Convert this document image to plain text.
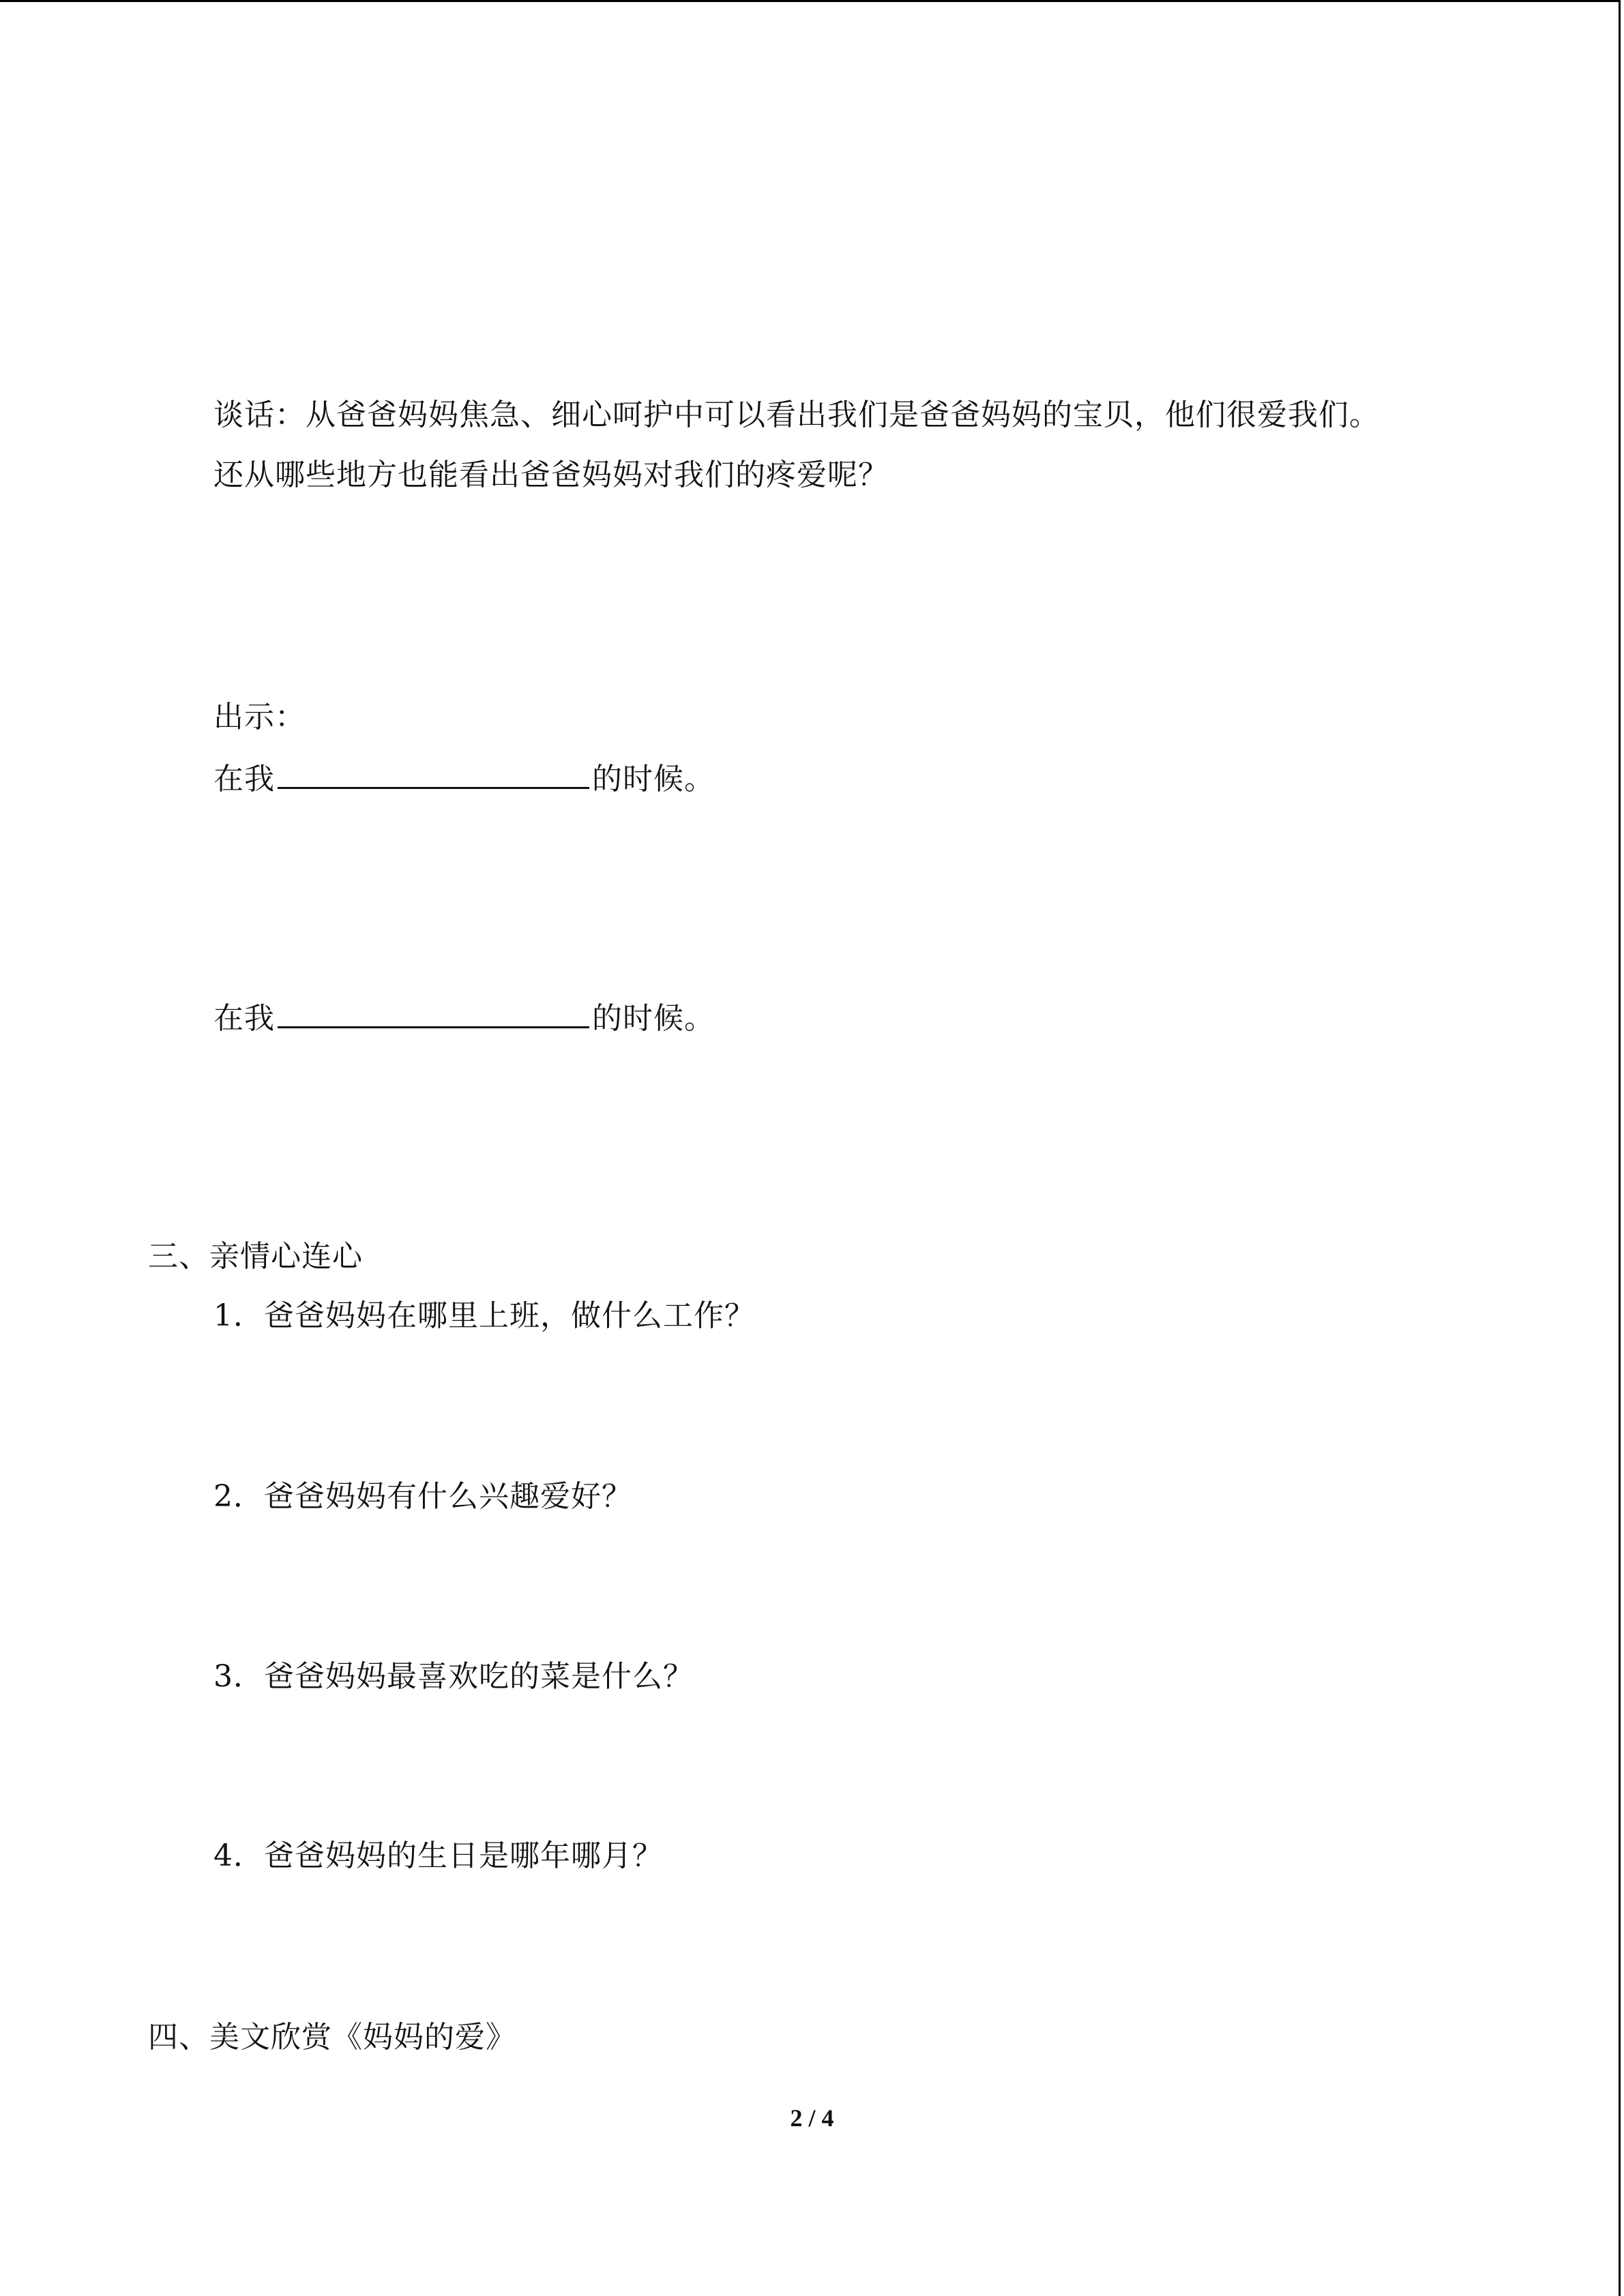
谈话：从爸爸妈妈焦急、细心呵护中可以看出我们是爸爸妈妈的宝贝，他们很爱我们。
还从哪些地方也能看出爸爸妈妈对我们的疼爱呢？
出示：
在我	的时候。
在我	的时候。
三、亲情心连心
1．爸爸妈妈在哪里上班，做什么工作？
2．爸爸妈妈有什么兴趣爱好？
3．爸爸妈妈最喜欢吃的菜是什么？
4．爸爸妈妈的生日是哪年哪月？
四、美文欣赏《妈妈的爱》
2 / 4
